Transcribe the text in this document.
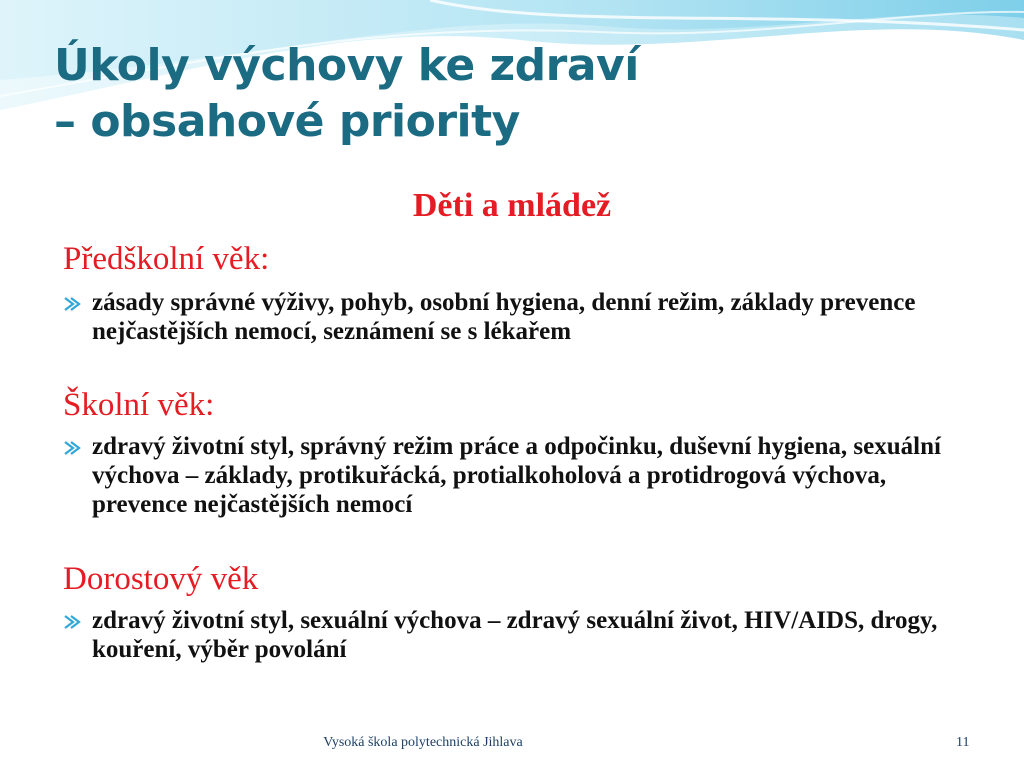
Úkoly výchovy ke zdraví
– obsahové priority
Děti a mládež
Předškolní věk:
zásady správné výživy, pohyb, osobní hygiena, denní režim, základy prevence nejčastějších nemocí, seznámení se s lékařem
Školní věk:
zdravý životní styl, správný režim práce a odpočinku, duševní hygiena, sexuální výchova – základy, protikuřácká, protialkoholová a protidrogová výchova, prevence nejčastějších nemocí
Dorostový věk
zdravý životní styl, sexuální výchova – zdravý sexuální život, HIV/AIDS, drogy, kouření, výběr povolání
Vysoká škola polytechnická Jihlava	11
